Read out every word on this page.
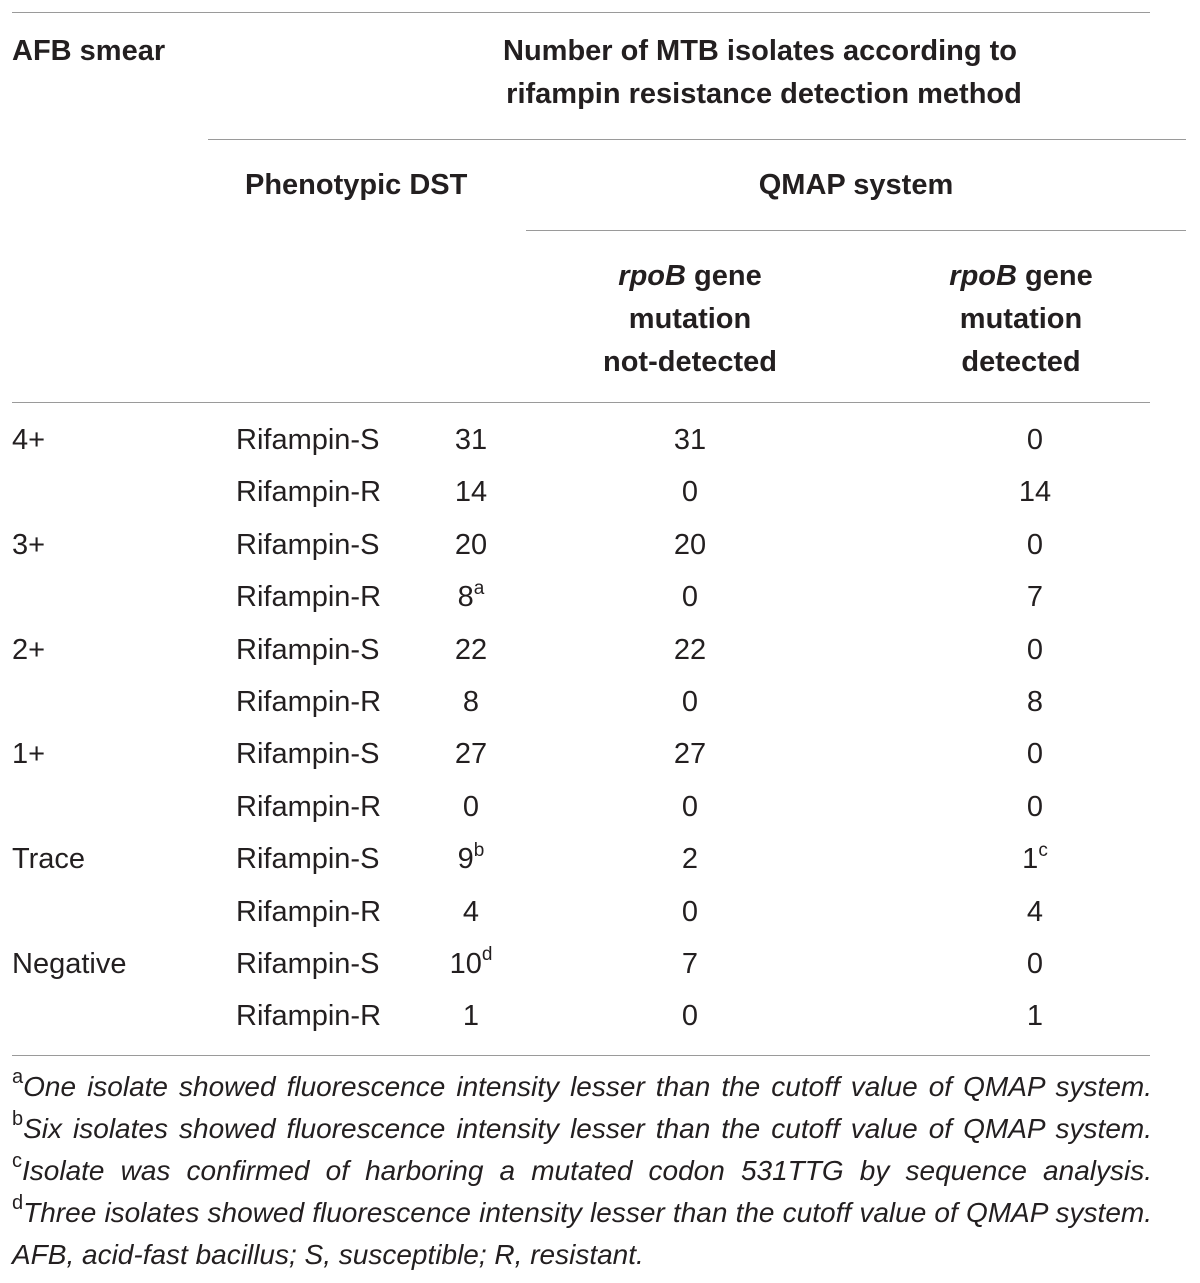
AFB smear	Number of MTB isolates according to
rifampin resistance detection method
Phenotypic DST	QMAP system
rpoB gene
mutation
not-detected
rpoB gene
mutation
detected
4+	Rifampin-S	31	31	0
Rifampin-R	14	0	14
3+	Rifampin-S	20	20	0
Rifampin-R	8$^a$	0	7
2+	Rifampin-S	22	22	0
Rifampin-R	8	0	8
1+	Rifampin-S	27	27	0
Rifampin-R	0	0	0
Trace	Rifampin-S	9$^b$	2	1$^c$
Rifampin-R	4	0	4
Negative	Rifampin-S 10$^d$	7	0
Rifampin-R	1	0	1
$^a$One isolate showed fluorescence intensity lesser than the cutoff value of QMAP system. $^b$Six isolates showed fluorescence intensity lesser than the cutoff value of QMAP system. $^c$Isolate was confirmed of harboring a mutated codon 531TTG by sequence analysis. $^d$Three isolates showed fluorescence intensity lesser than the cutoff value of QMAP system. AFB, acid-fast bacillus; S, susceptible; R, resistant.
